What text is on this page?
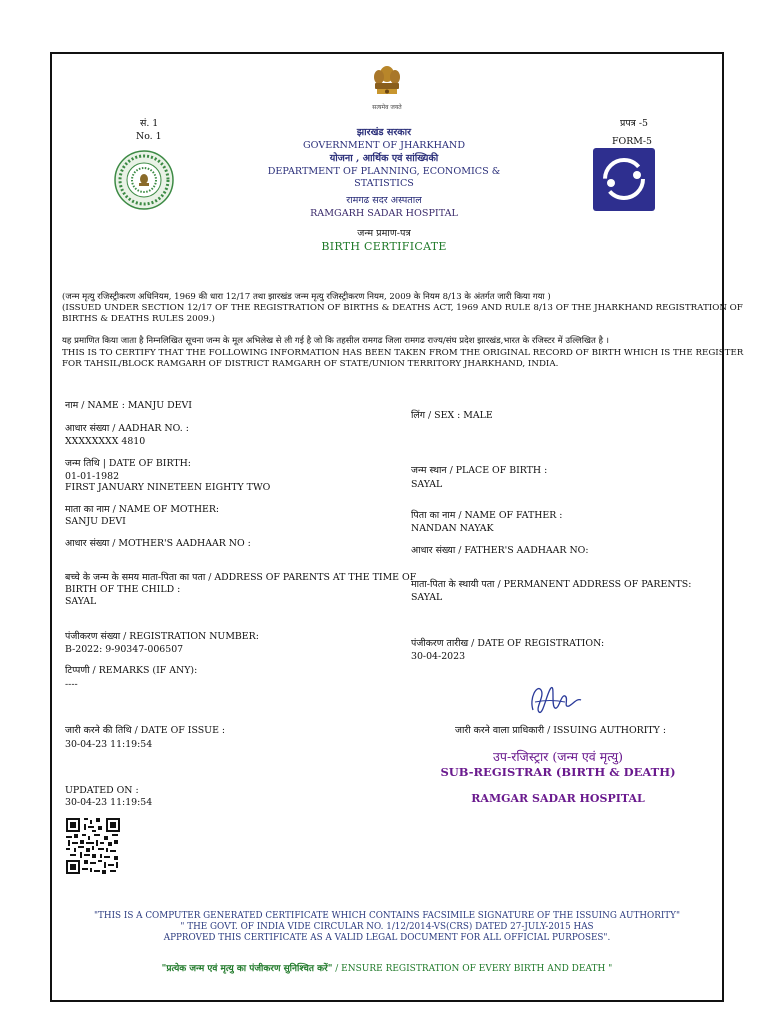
सत्यमेव जयते
सं. 1
No. 1
प्रपत्र -5
FORM-5
झारखंड सरकार
GOVERNMENT OF JHARKHAND
योजना , आर्थिक एवं सांख्यिकी
DEPARTMENT OF PLANNING, ECONOMICS &
STATISTICS
रामगढ सदर अस्पताल
RAMGARH SADAR HOSPITAL
जन्म प्रमाण-पत्र
BIRTH CERTIFICATE
(जन्म मृत्यु रजिस्ट्रीकरण अधिनियम, 1969 की धारा 12/17 तथा झारखंड जन्म मृत्यु रजिस्ट्रीकरण नियम, 2009 के नियम 8/13 के अंतर्गत जारी किया गया )
(ISSUED UNDER SECTION 12/17 OF THE REGISTRATION OF BIRTHS & DEATHS ACT, 1969 AND RULE 8/13 OF THE JHARKHAND REGISTRATION OF
BIRTHS & DEATHS RULES 2009.)
यह प्रमाणित किया जाता है निम्नलिखित सूचना जन्म के मूल अभिलेख से ली गई है जो कि तहसील रामगढ जिला रामगढ राज्य/संघ प्रदेश झारखंड,भारत के रजिस्टर में उल्लिखित है ।
THIS IS TO CERTIFY THAT THE FOLLOWING INFORMATION HAS BEEN TAKEN FROM THE ORIGINAL RECORD OF BIRTH WHICH IS THE REGISTER
FOR TAHSIL/BLOCK RAMGARH OF DISTRICT RAMGARH OF STATE/UNION TERRITORY JHARKHAND, INDIA.
नाम / NAME : MANJU DEVI
आधार संख्या / AADHAR NO. :
XXXXXXXX 4810
जन्म तिथि | DATE OF BIRTH:
01-01-1982
FIRST JANUARY NINETEEN EIGHTY TWO
माता का नाम / NAME OF MOTHER:
SANJU DEVI
आधार संख्या / MOTHER'S AADHAAR NO :
बच्चे के जन्म के समय माता-पिता का पता / ADDRESS OF PARENTS AT THE TIME OF
BIRTH OF THE CHILD :
SAYAL
पंजीकरण संख्या / REGISTRATION NUMBER:
B-2022: 9-90347-006507
टिप्पणी / REMARKS (IF ANY):
----
जारी करने की तिथि / DATE OF ISSUE :
30-04-23 11:19:54
UPDATED ON :
30-04-23 11:19:54
लिंग / SEX : MALE
जन्म स्थान / PLACE OF BIRTH :
SAYAL
पिता का नाम / NAME OF FATHER :
NANDAN NAYAK
आधार संख्या / FATHER'S AADHAAR NO:
माता-पिता के स्थायी पता / PERMANENT ADDRESS OF PARENTS:
SAYAL
पंजीकरण तारीख / DATE OF REGISTRATION:
30-04-2023
जारी करने वाला प्राधिकारी / ISSUING AUTHORITY :
उप-रजिस्ट्रार (जन्म एवं मृत्यु)
SUB-REGISTRAR (BIRTH & DEATH)
RAMGAR SADAR HOSPITAL
"THIS IS A COMPUTER GENERATED CERTIFICATE WHICH CONTAINS FACSIMILE SIGNATURE OF THE ISSUING AUTHORITY"
" THE GOVT. OF INDIA VIDE CIRCULAR NO. 1/12/2014-VS(CRS) DATED 27-JULY-2015 HAS
APPROVED THIS CERTIFICATE AS A VALID LEGAL DOCUMENT FOR ALL OFFICIAL PURPOSES".
"प्रत्येक जन्म एवं मृत्यु का पंजीकरण सुनिश्चित करें" / ENSURE REGISTRATION OF EVERY BIRTH AND DEATH "
